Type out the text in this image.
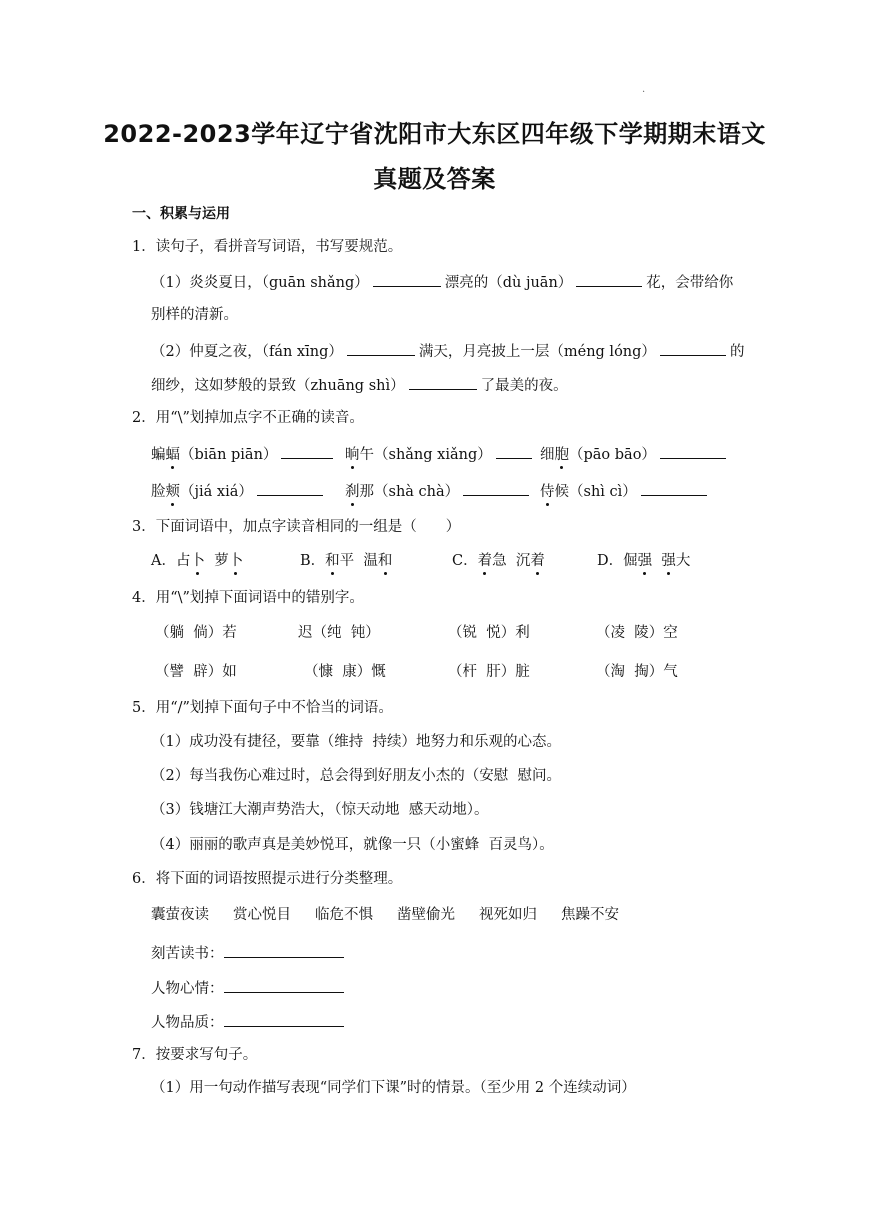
.
2022-2023学年辽宁省沈阳市大东区四年级下学期期末语文
真题及答案
一、积累与运用
1．读句子，看拼音写词语，书写要规范。
（1）炎炎夏日，（guān shǎng）	漂亮的（dù juān）	花，会带给你
别样的清新。
（2）仲夏之夜，（fán xīng）	满天，月亮披上一层（méng lóng）	的
细纱，这如梦般的景致（zhuāng shì）	了最美的夜。
2．用“\”划掉加点字不正确的读音。
蝙蝠（biān piān）	晌午（shǎng xiǎng）	细胞（pāo bāo）
脸颊（jiá xiá）	刹那（shà chà）	侍候（shì cì）
3．下面词语中，加点字读音相同的一组是（　　）
A．占卜  萝卜	B．和平  温和	C．着急  沉着	D．倔强 强大
4．用“\”划掉下面词语中的错别字。
（躺  倘）若	迟（纯  钝）	（锐  悦）利	（凌  陵）空
（譬  辟）如	（慷  康）慨	（杆  肝）脏	（淘  掏）气
5．用“/”划掉下面句子中不恰当的词语。
（1）成功没有捷径，要靠（维持  持续）地努力和乐观的心态。
（2）每当我伤心难过时，总会得到好朋友小杰的（安慰  慰问。
（3）钱塘江大潮声势浩大，（惊天动地  感天动地）。
（4）丽丽的歌声真是美妙悦耳，就像一只（小蜜蜂  百灵鸟）。
6．将下面的词语按照提示进行分类整理。
囊萤夜读 赏心悦目 临危不惧 凿壁偷光 视死如归 焦躁不安
刻苦读书：
人物心情：
人物品质：
7．按要求写句子。
（1）用一句动作描写表现“同学们下课”时的情景。（至少用 2 个连续动词）
